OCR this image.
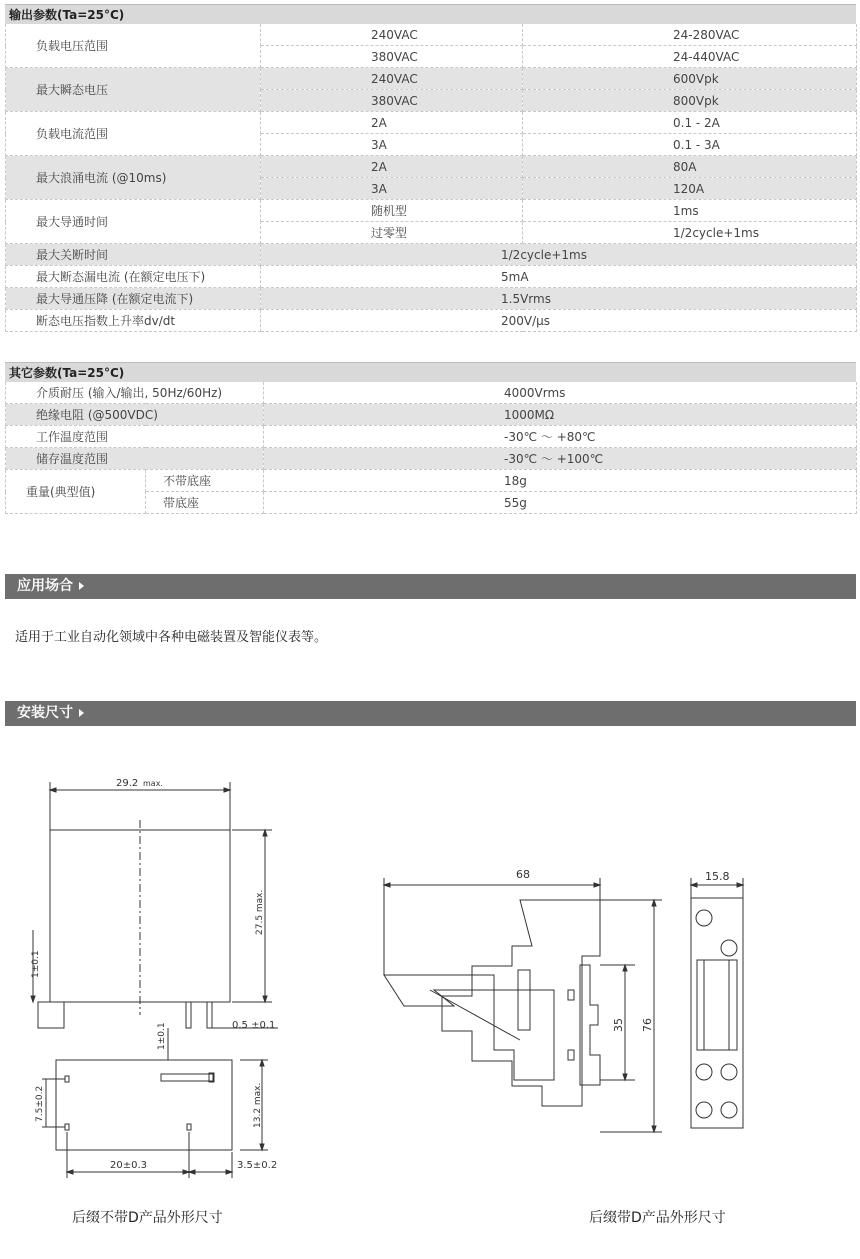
输出参数(Ta=25°C)
负载电压范围	240VAC	24-280VAC
	380VAC	24-440VAC
最大瞬态电压	240VAC	600Vpk
	380VAC	800Vpk
负载电流范围	2A	0.1 - 2A
	3A	0.1 - 3A
最大浪涌电流 (@10ms)	2A	80A
	3A	120A
最大导通时间	随机型	1ms
	过零型	1/2cycle+1ms
最大关断时间	1/2cycle+1ms	
最大断态漏电流 (在额定电压下)	5mA	
最大导通压降 (在额定电流下)	1.5Vrms	
断态电压指数上升率dv/dt	200V/μs	
其它参数(Ta=25°C)
介质耐压 (输入/输出, 50Hz/60Hz)		4000Vrms
绝缘电阻 (@500VDC)		1000MΩ
工作温度范围		-30℃ ～ +80℃
储存温度范围		-30℃ ～ +100℃
重量(典型值)	不带底座	18g
	带底座	55g
应用场合
适用于工业自动化领域中各种电磁装置及智能仪表等。
安装尺寸
29.2 max.
27.5 max.
1±0.1
1±0.1	0.5 ±0.1
13.2 max.
7.5±0.2
20±0.3	3.5±0.2
后缀不带D产品外形尺寸
68
35 76
15.8
后缀带D产品外形尺寸
